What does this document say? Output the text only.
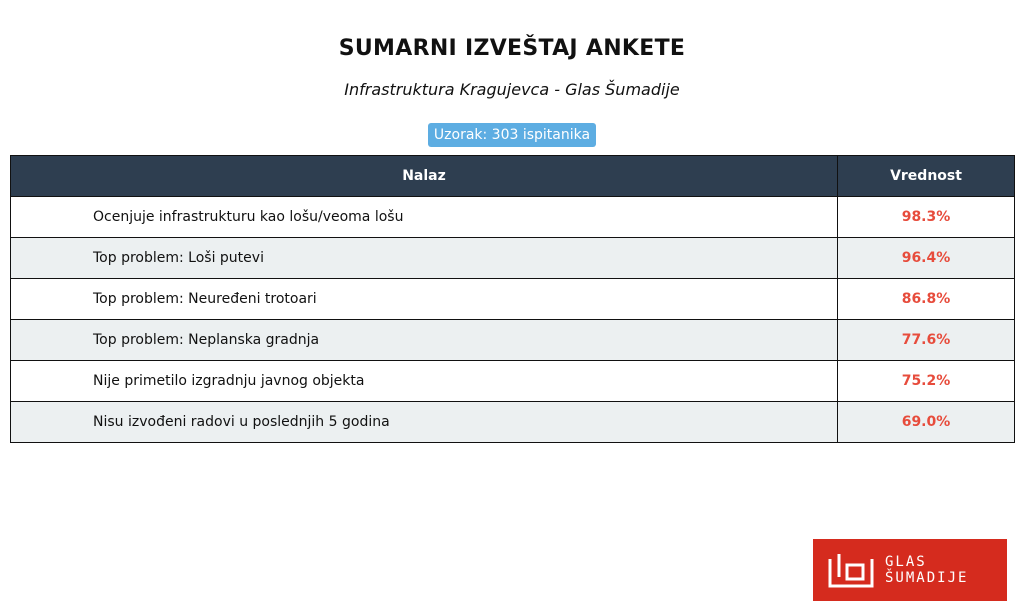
SUMARNI IZVEŠTAJ ANKETE
Infrastruktura Kragujevca - Glas Šumadije
Uzorak: 303 ispitanika
Nalaz	Vrednost
Ocenjuje infrastrukturu kao lošu/veoma lošu	98.3%
Top problem: Loši putevi	96.4%
Top problem: Neuređeni trotoari	86.8%
Top problem: Neplanska gradnja	77.6%
Nije primetilo izgradnju javnog objekta	75.2%
Nisu izvođeni radovi u poslednjih 5 godina	69.0%
GLAS
ŠUMADIJE
